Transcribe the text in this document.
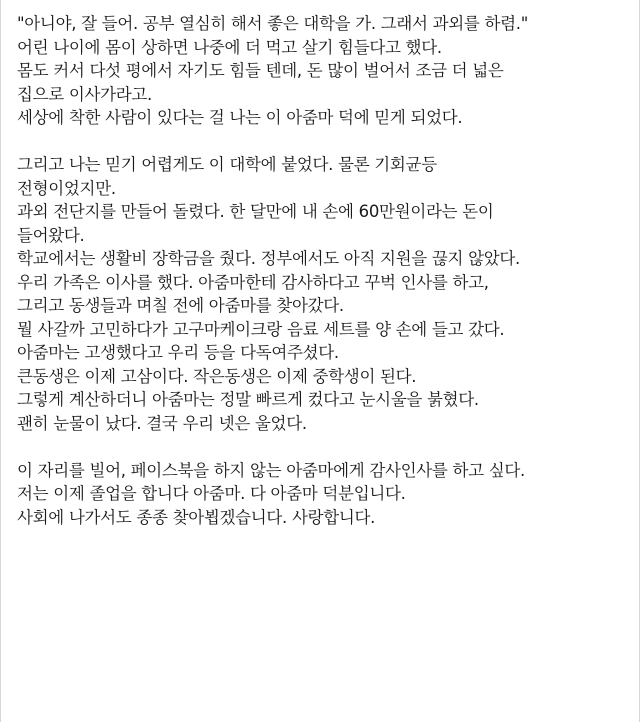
"아니야, 잘 들어. 공부 열심히 해서 좋은 대학을 가. 그래서 과외를 하렴."
어린 나이에 몸이 상하면 나중에 더 먹고 살기 힘들다고 했다.
몸도 커서 다섯 평에서 자기도 힘들 텐데, 돈 많이 벌어서 조금 더 넓은
집으로 이사가라고.
세상에 착한 사람이 있다는 걸 나는 이 아줌마 덕에 믿게 되었다.
그리고 나는 믿기 어렵게도 이 대학에 붙었다. 물론 기회균등
전형이었지만.
과외 전단지를 만들어 돌렸다. 한 달만에 내 손에 60만원이라는 돈이
들어왔다.
학교에서는 생활비 장학금을 줬다. 정부에서도 아직 지원을 끊지 않았다.
우리 가족은 이사를 했다. 아줌마한테 감사하다고 꾸벅 인사를 하고,
그리고 동생들과 며칠 전에 아줌마를 찾아갔다.
뭘 사갈까 고민하다가 고구마케이크랑 음료 세트를 양 손에 들고 갔다.
아줌마는 고생했다고 우리 등을 다독여주셨다.
큰동생은 이제 고삼이다. 작은동생은 이제 중학생이 된다.
그렇게 계산하더니 아줌마는 정말 빠르게 컸다고 눈시울을 붉혔다.
괜히 눈물이 났다. 결국 우리 넷은 울었다.
이 자리를 빌어, 페이스북을 하지 않는 아줌마에게 감사인사를 하고 싶다.
저는 이제 졸업을 합니다 아줌마. 다 아줌마 덕분입니다.
사회에 나가서도 종종 찾아뵙겠습니다. 사랑합니다.
